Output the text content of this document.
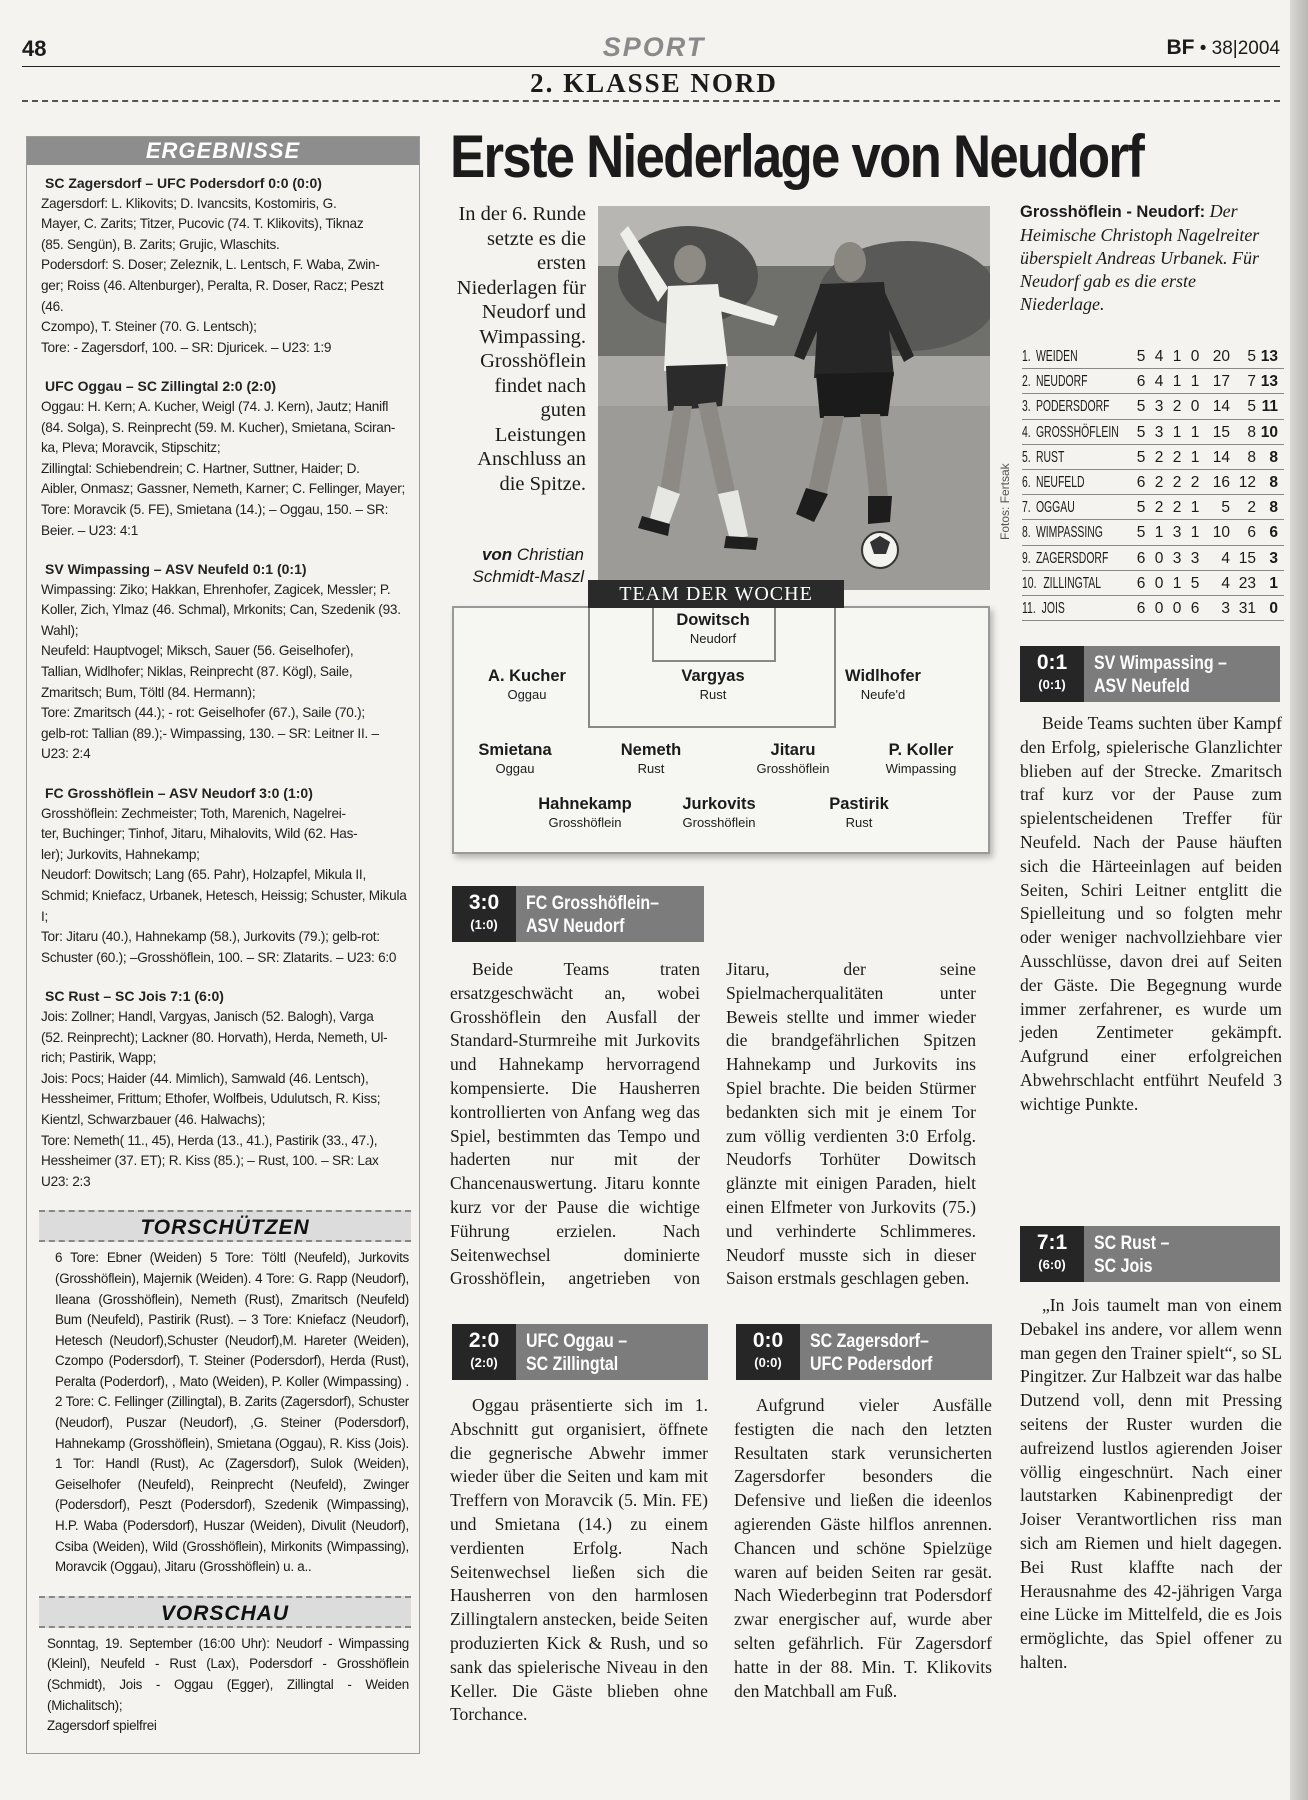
48	SPORT	BF • 38|2004
2. KLASSE NORD
ERGEBNISSE
SC Zagersdorf – UFC Podersdorf 0:0 (0:0)
Zagersdorf: L. Klikovits; D. Ivancsits, Kostomiris, G.
Mayer, C. Zarits; Titzer, Pucovic (74. T. Klikovits), Tiknaz
(85. Sengün), B. Zarits; Grujic, Wlaschits.
Podersdorf: S. Doser; Zeleznik, L. Lentsch, F. Waba, Zwin-
ger; Roiss (46. Altenburger), Peralta, R. Doser, Racz; Peszt (46.
Czompo), T. Steiner (70. G. Lentsch);
Tore: - Zagersdorf, 100. – SR: Djuricek. – U23: 1:9
UFC Oggau – SC Zillingtal 2:0 (2:0)
Oggau: H. Kern; A. Kucher, Weigl (74. J. Kern), Jautz; Hanifl
(84. Solga), S. Reinprecht (59. M. Kucher), Smietana, Sciran-
ka, Pleva; Moravcik, Stipschitz;
Zillingtal: Schiebendrein; C. Hartner, Suttner, Haider; D.
Aibler, Onmasz; Gassner, Nemeth, Karner; C. Fellinger, Mayer;
Tore: Moravcik (5. FE), Smietana (14.); – Oggau, 150. – SR:
Beier. – U23: 4:1
SV Wimpassing – ASV Neufeld 0:1 (0:1)
Wimpassing: Ziko; Hakkan, Ehrenhofer, Zagicek, Messler; P.
Koller, Zich, Ylmaz (46. Schmal), Mrkonits; Can, Szedenik (93.
Wahl);
Neufeld: Hauptvogel; Miksch, Sauer (56. Geiselhofer),
Tallian, Widlhofer; Niklas, Reinprecht (87. Kögl), Saile,
Zmaritsch; Bum, Töltl (84. Hermann);
Tore: Zmaritsch (44.); - rot: Geiselhofer (67.), Saile (70.);
gelb-rot: Tallian (89.);- Wimpassing, 130. – SR: Leitner II. –
U23: 2:4
FC Grosshöflein – ASV Neudorf 3:0 (1:0)
Grosshöflein: Zechmeister; Toth, Marenich, Nagelrei-
ter, Buchinger; Tinhof, Jitaru, Mihalovits, Wild (62. Has-
ler); Jurkovits, Hahnekamp;
Neudorf: Dowitsch; Lang (65. Pahr), Holzapfel, Mikula II,
Schmid; Kniefacz, Urbanek, Hetesch, Heissig; Schuster, Mikula
I;
Tor: Jitaru (40.), Hahnekamp (58.), Jurkovits (79.); gelb-rot:
Schuster (60.); –Grosshöflein, 100. – SR: Zlatarits. – U23: 6:0
SC Rust – SC Jois 7:1 (6:0)
Jois: Zollner; Handl, Vargyas, Janisch (52. Balogh), Varga
(52. Reinprecht); Lackner (80. Horvath), Herda, Nemeth, Ul-
rich; Pastirik, Wapp;
Jois: Pocs; Haider (44. Mimlich), Samwald (46. Lentsch),
Hessheimer, Frittum; Ethofer, Wolfbeis, Udulutsch, R. Kiss;
Kientzl, Schwarzbauer (46. Halwachs);
Tore: Nemeth( 11., 45), Herda (13., 41.), Pastirik (33., 47.),
Hessheimer (37. ET); R. Kiss (85.); – Rust, 100. – SR: Lax
U23: 2:3
TORSCHÜTZEN
6 Tore: Ebner (Weiden) 5 Tore: Töltl (Neufeld), Jurkovits (Grosshöflein), Majernik (Weiden). 4 Tore: G. Rapp (Neudorf), Ileana (Grosshöflein), Nemeth (Rust), Zmaritsch (Neufeld) Bum (Neufeld), Pastirik (Rust). – 3 Tore: Kniefacz (Neudorf), Hetesch (Neudorf),Schuster (Neudorf),M. Hareter (Weiden), Czompo (Podersdorf), T. Steiner (Podersdorf), Herda (Rust), Peralta (Poderdorf), , Mato (Weiden), P. Koller (Wimpassing) . 2 Tore: C. Fellinger (Zillingtal), B. Zarits (Zagersdorf), Schuster (Neudorf), Puszar (Neudorf), ,G. Steiner (Podersdorf), Hahnekamp (Grosshöflein), Smietana (Oggau), R. Kiss (Jois). 1 Tor: Handl (Rust), Ac (Zagersdorf), Sulok (Weiden), Geiselhofer (Neufeld), Reinprecht (Neufeld), Zwinger (Podersdorf), Peszt (Podersdorf), Szedenik (Wimpassing), H.P. Waba (Podersdorf), Huszar (Weiden), Divulit (Neudorf), Csiba (Weiden), Wild (Grosshöflein), Mirkonits (Wimpassing), Moravcik (Oggau), Jitaru (Grosshöflein) u. a..
VORSCHAU
Sonntag, 19. September (16:00 Uhr): Neudorf - Wimpassing (Kleinl), Neufeld - Rust (Lax), Podersdorf - Grosshöflein (Schmidt), Jois - Oggau (Egger), Zillingtal - Weiden (Michalitsch);
Zagersdorf spielfrei
Erste Niederlage von Neudorf
In der 6. Runde setzte es die ersten Niederlagen für Neudorf und Wimpassing. Grosshöflein findet nach guten Leistungen Anschluss an die Spitze.
von Christian Schmidt-Maszl
Fotos: Fertsak
Grosshöflein - Neudorf: Der Heimische Christoph Nagelreiter überspielt Andreas Urbanek. Für Neudorf gab es die erste Niederlage.
1. WEIDEN	5 4 1 0 20	5 13
2. NEUDORF	6 4 1 1 17	7 13
3. PODERSDORF	5 3 2 0 14	5 11
4. GROSSHÖFLEIN	5 3 1 1 15	8 10
5. RUST	5 2 2 1 14	8 8
6. NEUFELD	6 2 2 2 16 12 8
7. OGGAU	5 2 2 1	5	2 8
8. WIMPASSING	5 1 3 1 10	6 6
9. ZAGERSDORF	6 0 3 3	4 15 3
10. ZILLINGTAL	6 0 1 5	4 23 1
11. JOIS	6 0 0 6	3 31 0
TEAM DER WOCHE
Dowitsch
Neudorf
A. Kucher
Oggau
Vargyas
Rust
Widlhofer
Neufe'd
Smietana
Oggau
Nemeth
Rust
Jitaru
Grosshöflein
P. Koller
Wimpassing
Hahnekamp
Grosshöflein
Jurkovits
Grosshöflein
Pastirik
Rust
3:0
(1:0)
FC Grosshöflein–
ASV Neudorf
0:1
(0:1)
SV Wimpassing –
ASV Neufeld
2:0
(2:0)
UFC Oggau –
SC Zillingtal
0:0
(0:0)
SC Zagersdorf–
UFC Podersdorf
7:1
(6:0)
SC Rust –
SC Jois

Beide Teams traten ersatzgeschwächt an, wobei Grosshöflein den Ausfall der Standard-Sturmreihe mit Jurkovits und Hahnekamp hervorragend kompensierte. Die Hausherren kontrollierten von Anfang weg das Spiel, bestimmten das Tempo und haderten nur mit der Chancenauswertung. Jitaru konnte kurz vor der Pause die wichtige Führung erzielen. Nach Seitenwechsel dominierte Grosshöflein, angetrieben von Jitaru, der seine Spielmacherqualitäten unter Beweis stellte und immer wieder die brandgefährlichen Spitzen Hahnekamp und Jurkovits ins Spiel brachte. Die beiden Stürmer bedankten sich mit je einem Tor zum völlig verdienten 3:0 Erfolg. Neudorfs Torhüter Dowitsch glänzte mit einigen Paraden, hielt einen Elfmeter von Jurkovits (75.) und verhinderte Schlimmeres. Neudorf musste sich in dieser Saison erstmals geschlagen geben.

Beide Teams suchten über Kampf den Erfolg, spielerische Glanzlichter blieben auf der Strecke. Zmaritsch traf kurz vor der Pause zum spielentscheidenen Treffer für Neufeld. Nach der Pause häuften sich die Härteeinlagen auf beiden Seiten, Schiri Leitner entglitt die Spielleitung und so folgten mehr oder weniger nachvollziehbare vier Ausschlüsse, davon drei auf Seiten der Gäste. Die Begegnung wurde immer zerfahrener, es wurde um jeden Zentimeter gekämpft. Aufgrund einer erfolgreichen Abwehrschlacht entführt Neufeld 3 wichtige Punkte.

Oggau präsentierte sich im 1. Abschnitt gut organisiert, öffnete die gegnerische Abwehr immer wieder über die Seiten und kam mit Treffern von Moravcik (5. Min. FE) und Smietana (14.) zu einem verdienten Erfolg. Nach Seitenwechsel ließen sich die Hausherren von den harmlosen Zillingtalern anstecken, beide Seiten produzierten Kick & Rush, und so sank das spielerische Niveau in den Keller. Die Gäste blieben ohne Torchance.

Aufgrund vieler Ausfälle festigten die nach den letzten Resultaten stark verunsicherten Zagersdorfer besonders die Defensive und ließen die ideenlos agierenden Gäste hilflos anrennen. Chancen und schöne Spielzüge waren auf beiden Seiten rar gesät. Nach Wiederbeginn trat Podersdorf zwar energischer auf, wurde aber selten gefährlich. Für Zagersdorf hatte in der 88. Min. T. Klikovits den Matchball am Fuß.

„In Jois taumelt man von einem Debakel ins andere, vor allem wenn man gegen den Trainer spielt“, so SL Pingitzer. Zur Halbzeit war das halbe Dutzend voll, denn mit Pressing seitens der Ruster wurden die aufreizend lustlos agierenden Joiser völlig eingeschnürt. Nach einer lautstarken Kabinenpredigt der Joiser Verantwortlichen riss man sich am Riemen und hielt dagegen. Bei Rust klaffte nach der Herausnahme des 42-jährigen Varga eine Lücke im Mittelfeld, die es Jois ermöglichte, das Spiel offener zu halten.
